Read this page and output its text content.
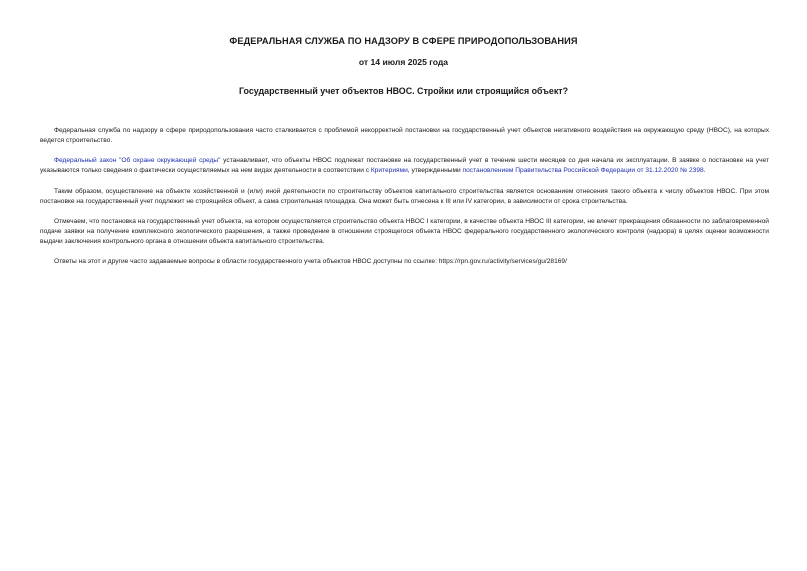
ФЕДЕРАЛЬНАЯ СЛУЖБА ПО НАДЗОРУ В СФЕРЕ ПРИРОДОПОЛЬЗОВАНИЯ
от 14 июля 2025 года
Государственный учет объектов НВОС. Стройки или строящийся объект?

Федеральная служба по надзору в сфере природопользования часто сталкивается с проблемой некорректной постановки на государственный учет объектов негативного воздействия на окружающую среду (НВОС), на которых ведется строительство.

Федеральный закон "Об охране окружающей среды" устанавливает, что объекты НВОС подлежат постановке на государственный учет в течение шести месяцев со дня начала их эксплуатации. В заявке о постановке на учет указываются только сведения о фактически осуществляемых на нем видах деятельности в соответствии с Критериями, утвержденными постановлением Правительства Российской Федерации от 31.12.2020 № 2398.

Таким образом, осуществление на объекте хозяйственной и (или) иной деятельности по строительству объектов капитального строительства является основанием отнесения такого объекта к числу объектов НВОС. При этом постановке на государственный учет подлежит не строящийся объект, а сама строительная площадка. Она может быть отнесена к III или IV категории, в зависимости от срока строительства.

Отмечаем, что постановка на государственный учет объекта, на котором осуществляется строительство объекта НВОС I категории, в качестве объекта НВОС III категории, не влечет прекращения обязанности по заблаговременной подаче заявки на получение комплексного экологического разрешения, а также проведение в отношении строящегося объекта НВОС федерального государственного экологического контроля (надзора) в целях оценки возможности выдачи заключения контрольного органа в отношении объекта капитального строительства.

Ответы на этот и другие часто задаваемые вопросы в области государственного учета объектов НВОС доступны по ссылке: https://rpn.gov.ru/activity/services/gu/28169/
